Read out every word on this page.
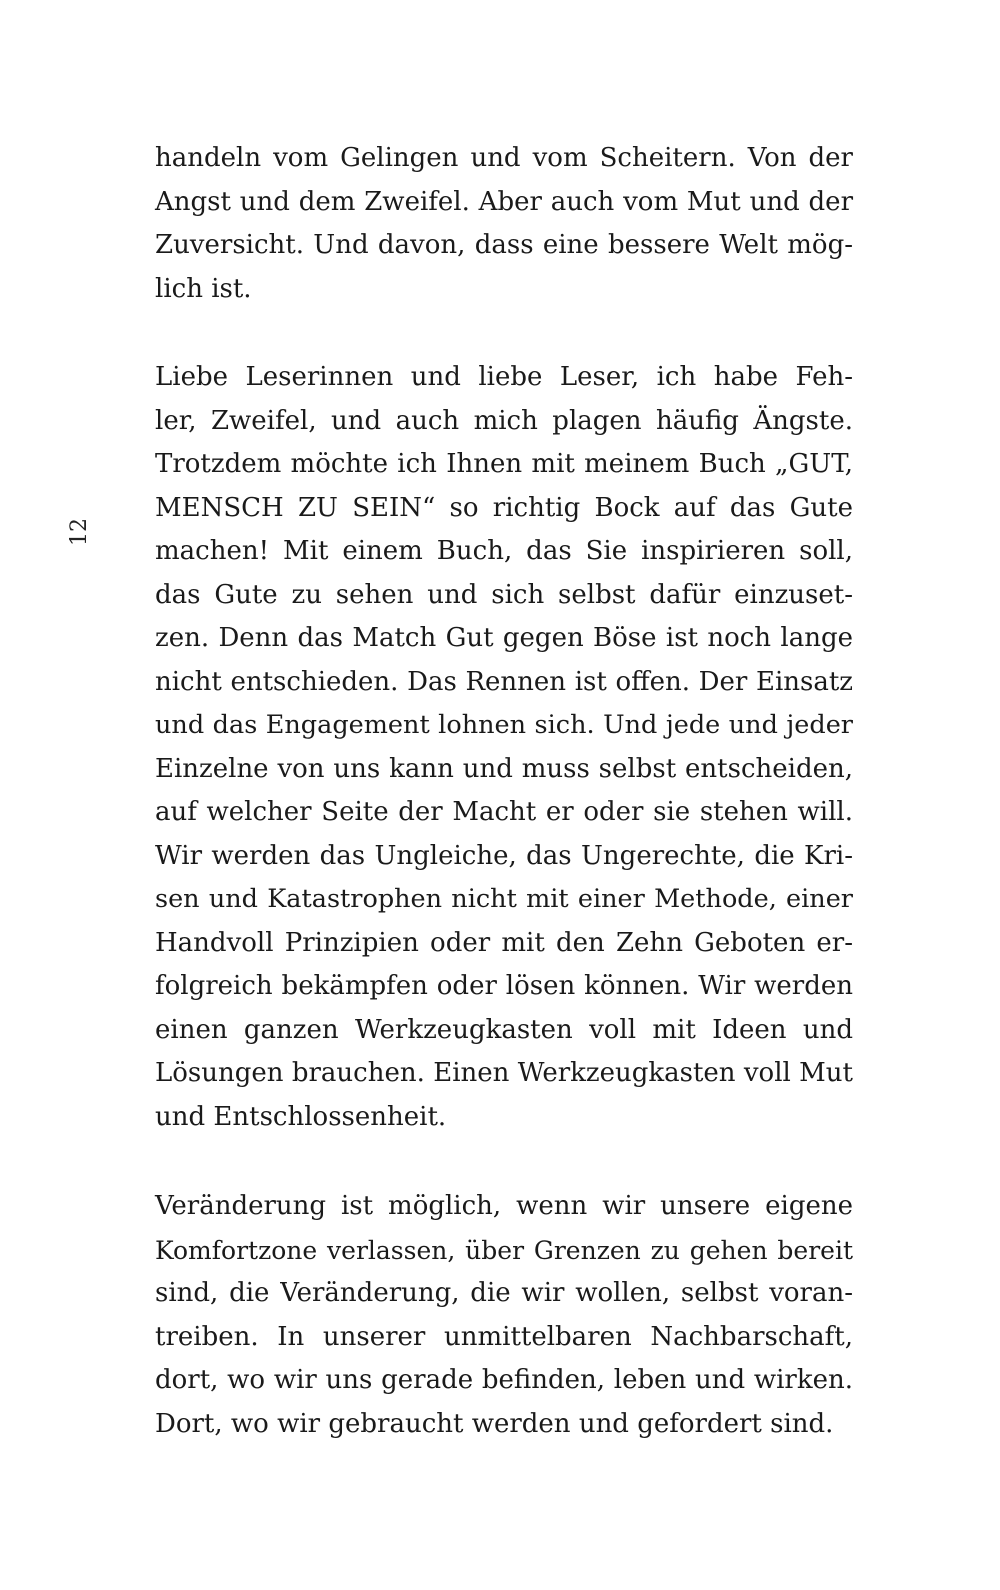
12
handeln vom Gelingen und vom Scheitern. Von der
Angst und dem Zweifel. Aber auch vom Mut und der
Zuversicht. Und davon, dass eine bessere Welt mög-
lich ist.
Liebe Leserinnen und liebe Leser, ich habe Feh-
ler, Zweifel, und auch mich plagen häufig Ängste.
Trotzdem möchte ich Ihnen mit meinem Buch „GUT,
MENSCH ZU SEIN“ so richtig Bock auf das Gute
machen! Mit einem Buch, das Sie inspirieren soll,
das Gute zu sehen und sich selbst dafür einzuset-
zen. Denn das Match Gut gegen Böse ist noch lange
nicht entschieden. Das Rennen ist offen. Der Einsatz
und das Engagement lohnen sich. Und jede und jeder
Einzelne von uns kann und muss selbst entscheiden,
auf welcher Seite der Macht er oder sie stehen will.
Wir werden das Ungleiche, das Ungerechte, die Kri-
sen und Katastrophen nicht mit einer Methode, einer
Handvoll Prinzipien oder mit den Zehn Geboten er-
folgreich bekämpfen oder lösen können. Wir werden
einen ganzen Werkzeugkasten voll mit Ideen und
Lösungen brauchen. Einen Werkzeugkasten voll Mut
und Entschlossenheit.
Veränderung ist möglich, wenn wir unsere eigene
Komfortzone verlassen, über Grenzen zu gehen bereit
sind, die Veränderung, die wir wollen, selbst voran-
treiben. In unserer unmittelbaren Nachbarschaft,
dort, wo wir uns gerade befinden, leben und wirken.
Dort, wo wir gebraucht werden und gefordert sind.
